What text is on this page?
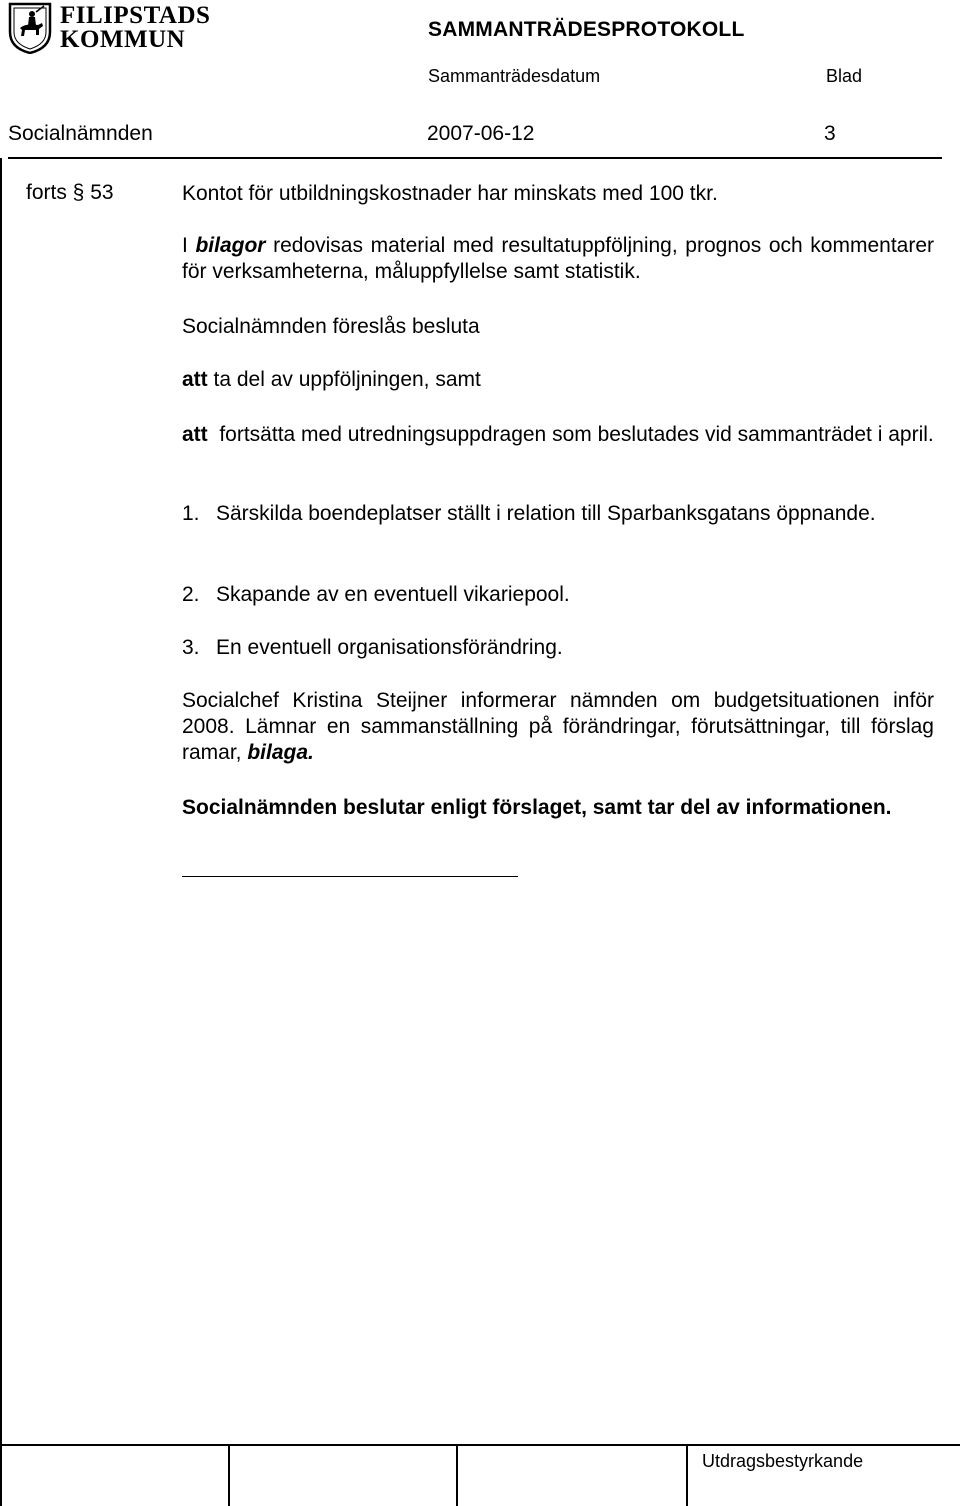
FILIPSTADS
KOMMUN	SAMMANTRÄDESPROTOKOLL
Sammanträdesdatum	Blad
Socialnämnden	2007-06-12	3
forts § 53	Kontot för utbildningskostnader har minskats med 100 tkr.
I bilagor redovisas material med resultatuppföljning, prognos och kommentarer för verksamheterna, måluppfyllelse samt statistik.
Socialnämnden föreslås besluta
att ta del av uppföljningen, samt
att fortsätta med utredningsuppdragen som beslutades vid sammanträdet i april.
1. Särskilda boendeplatser ställt i relation till Sparbanksgatans öppnande.
2. Skapande av en eventuell vikariepool.
3. En eventuell organisationsförändring.
Socialchef Kristina Steijner informerar nämnden om budgetsituationen inför 2008. Lämnar en sammanställning på förändringar, förutsättningar, till förslag ramar, bilaga.
Socialnämnden beslutar enligt förslaget, samt tar del av informationen.
Utdragsbestyrkande
